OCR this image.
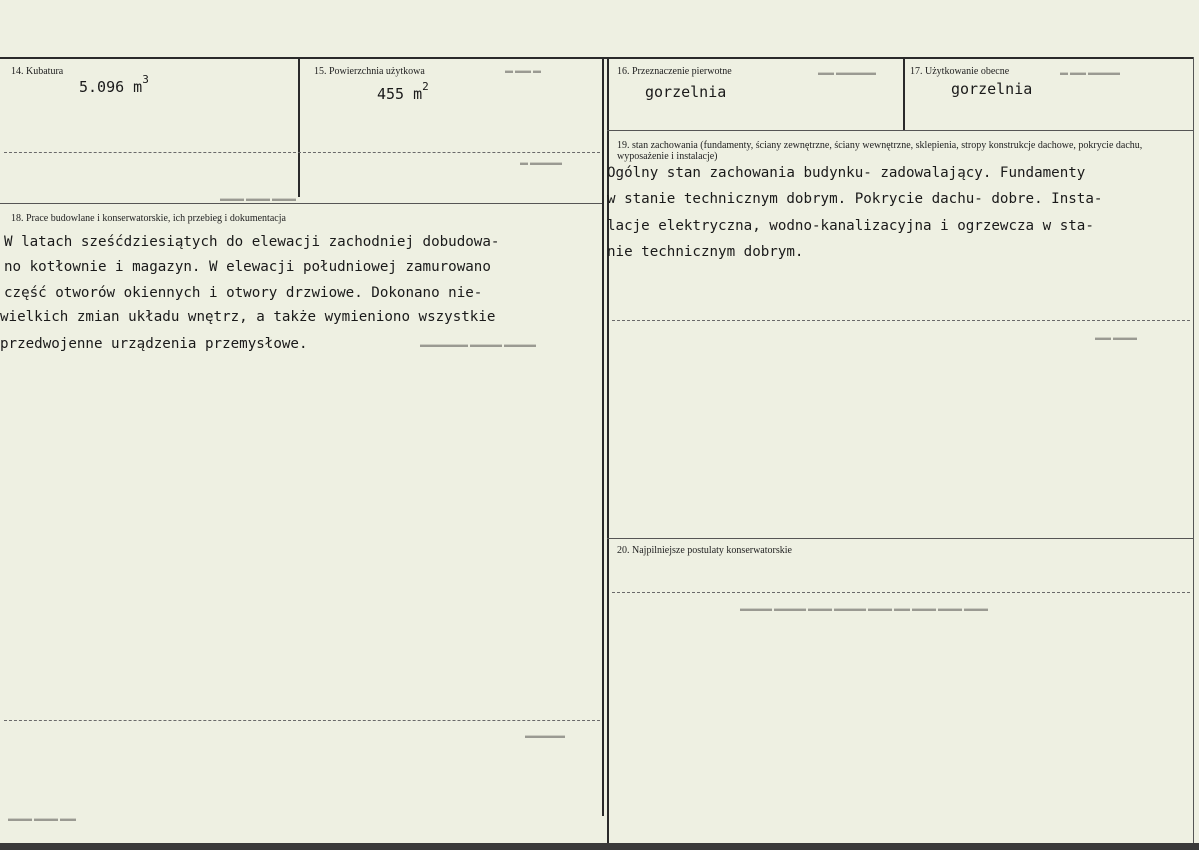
▬ ▬▬ ▬	▬▬▬▬▬ ▬▬	▬▬▬▬ ▬▬ ▬
▬▬▬▬ ▬
▬▬▬ ▬▬▬ ▬▬▬
▬▬▬▬ ▬▬▬▬ ▬▬▬▬▬▬
▬▬▬ ▬▬
▬▬▬ ▬▬▬ ▬▬▬ ▬▬ ▬▬▬ ▬▬▬▬ ▬▬▬ ▬▬▬▬ ▬▬▬▬
▬▬▬▬▬
▬▬ ▬▬▬ ▬▬▬
14. Kubatura
5.096 $m^3$
15. Powierzchnia użytkowa
455 $m^2$
16. Przeznaczenie pierwotne
gorzelnia
17. Użytkowanie obecne
gorzelnia
19. stan zachowania (fundamenty, ściany zewnętrzne, ściany wewnętrzne, sklepienia, stropy konstrukcje dachowe, pokrycie dachu, wyposażenie i instalacje)
Ogólny stan zachowania budynku- zadowalający. Fundamenty
w stanie technicznym dobrym. Pokrycie dachu- dobre. Insta-
lacje elektryczna, wodno-kanalizacyjna i ogrzewcza w sta-
nie technicznym dobrym.
18. Prace budowlane i konserwatorskie, ich przebieg i dokumentacja
W latach sześćdziesiątych do elewacji zachodniej dobudowa-
no kotłownie i magazyn. W elewacji południowej zamurowano
część otworów okiennych i otwory drzwiowe. Dokonano nie-
wielkich zmian układu wnętrz, a także wymieniono wszystkie
przedwojenne urządzenia przemysłowe.
20. Najpilniejsze postulaty konserwatorskie
